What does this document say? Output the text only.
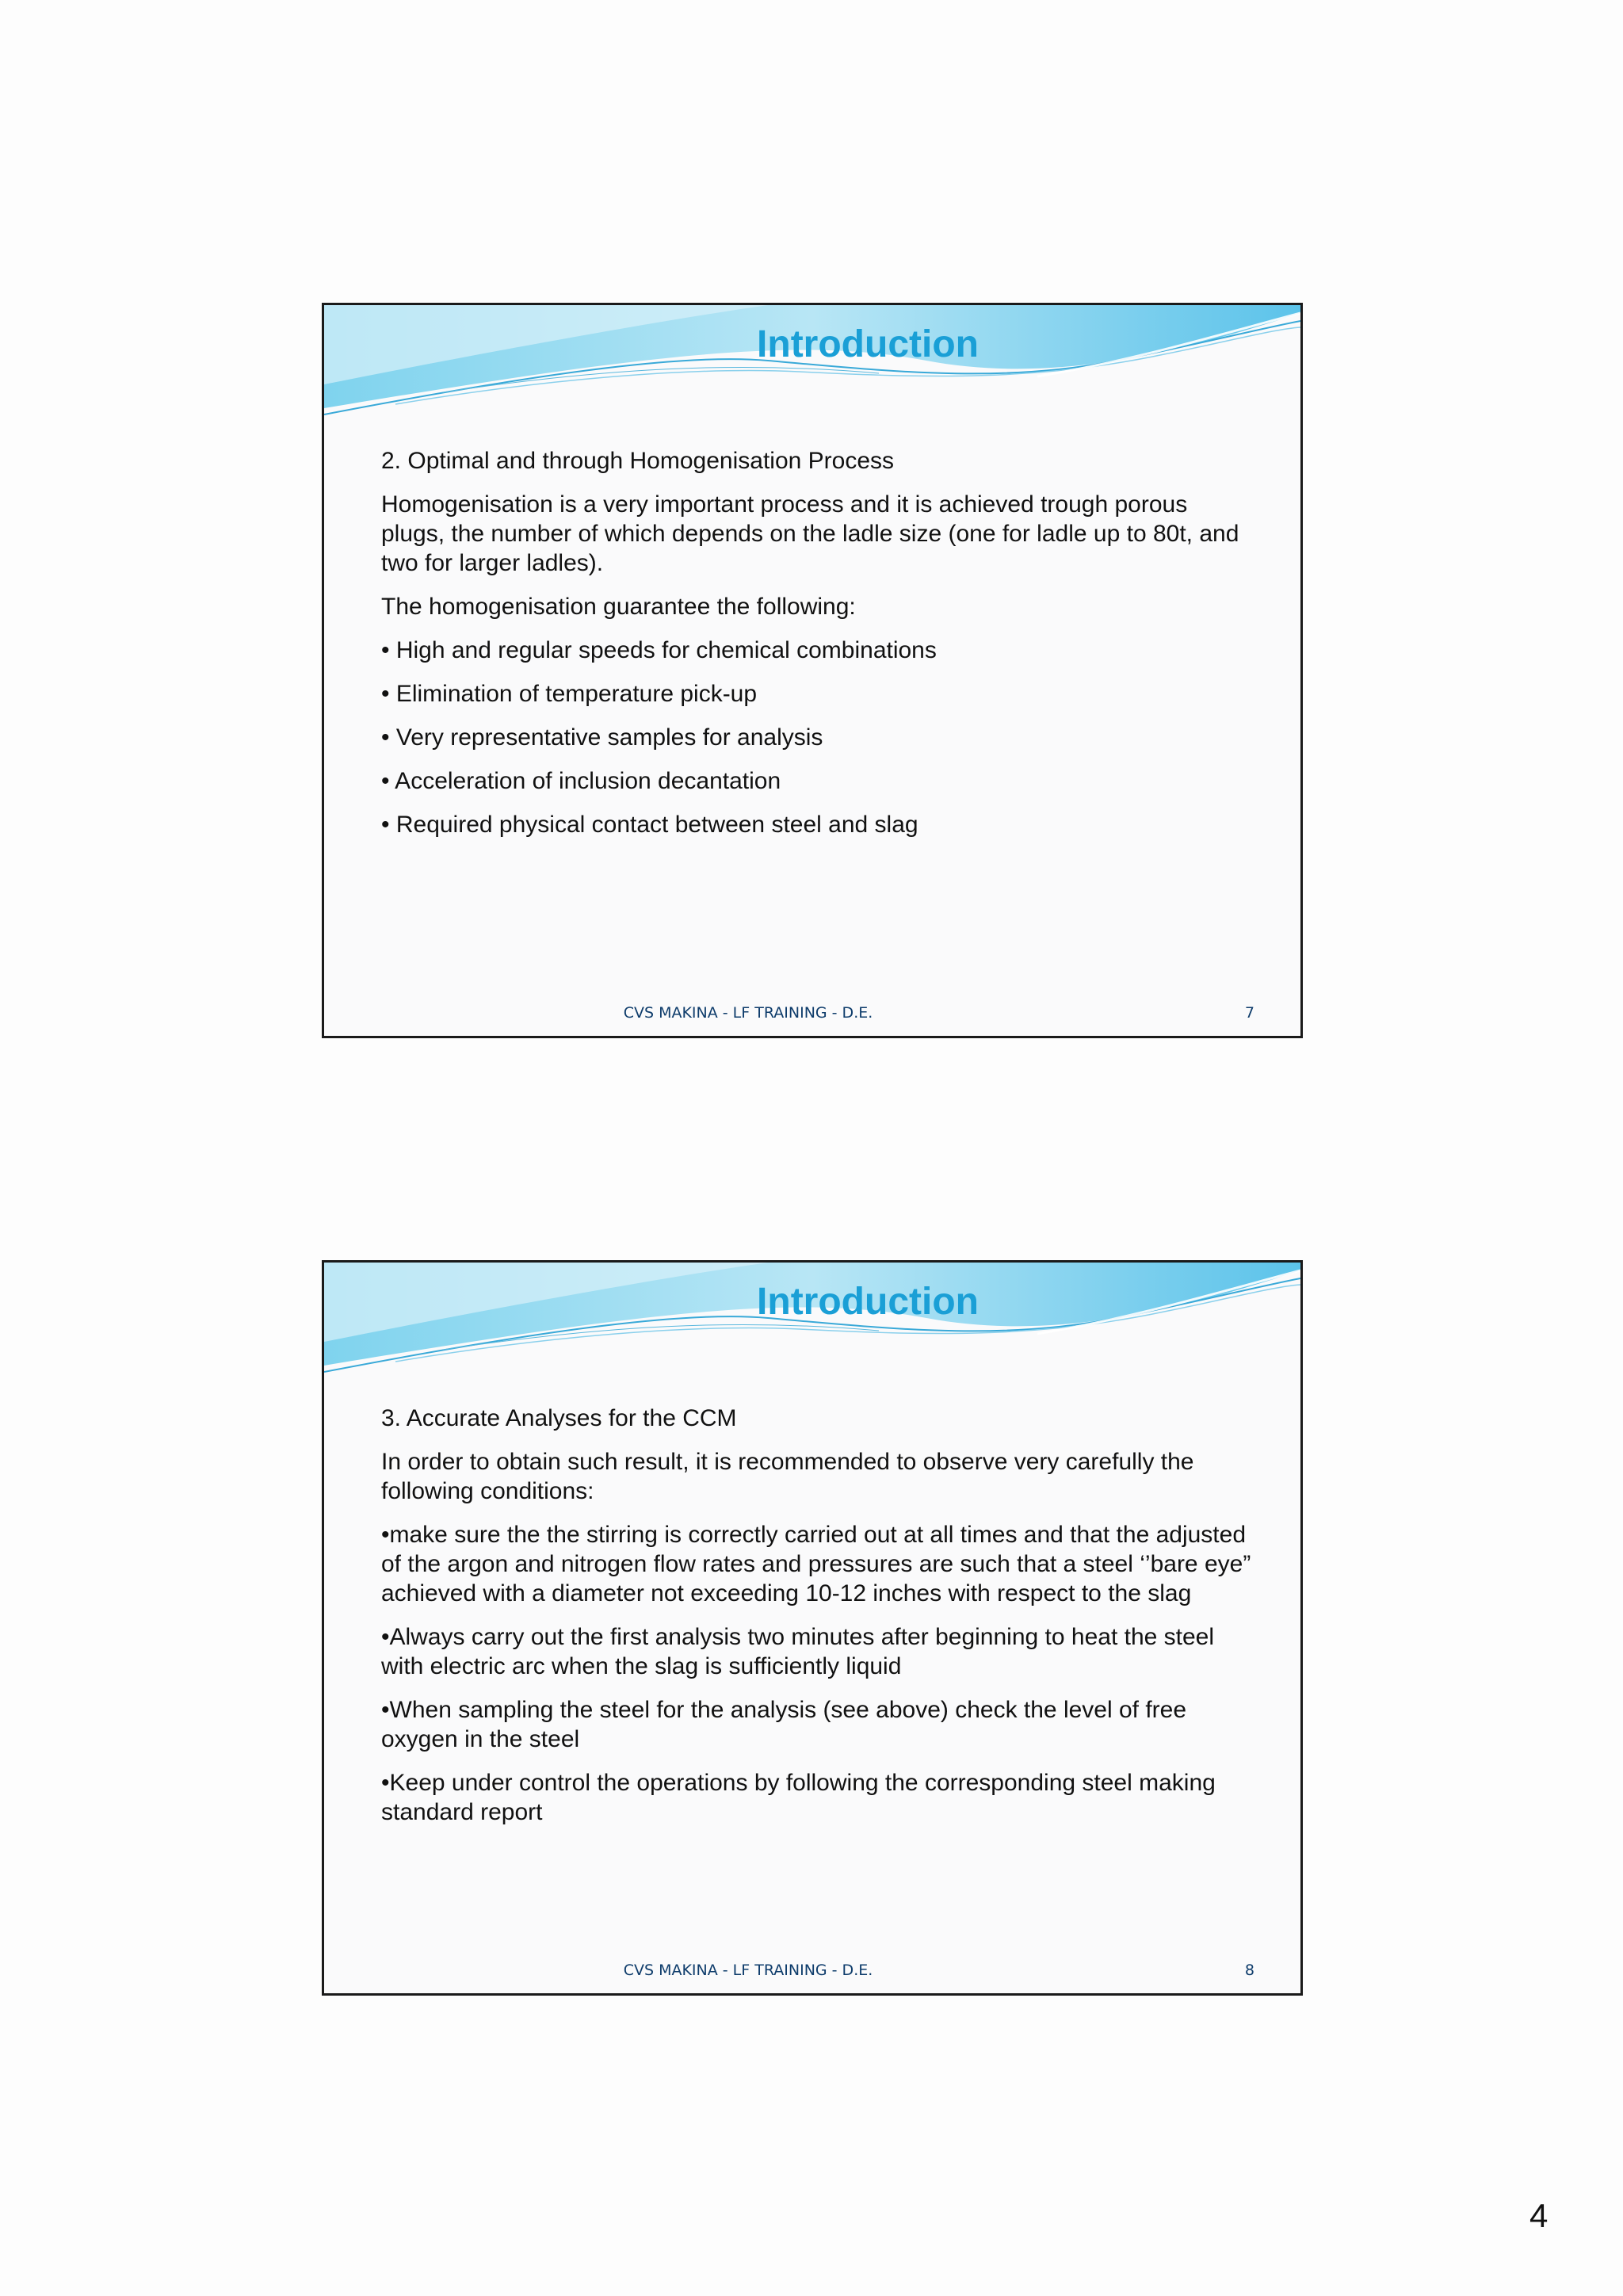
Introduction

2. Optimal and through Homogenisation Process

Homogenisation is a very important process and it is achieved trough porous plugs, the number of which depends on the ladle size (one for ladle up to 80t, and two for larger ladles).

The homogenisation guarantee the following:

• High and regular speeds for chemical combinations

• Elimination of temperature pick-up

• Very representative samples for analysis

• Acceleration of inclusion decantation

• Required physical contact between steel and slag

CVS MAKINA - LF TRAINING - D.E.	7
Introduction

3. Accurate Analyses for the CCM

In order to obtain such result, it is recommended to observe very carefully the following conditions:

•make sure the the stirring is correctly carried out at all times and that the adjusted of the argon and nitrogen flow rates and pressures are such that a steel ‘’bare eye” achieved with a diameter not exceeding 10-12 inches with respect to the slag

•Always carry out the first analysis two minutes after beginning to heat the steel with electric arc when the slag is sufficiently liquid

•When sampling the steel for the analysis (see above) check the level of free oxygen in the steel

•Keep under control the operations by following the corresponding steel making standard report

CVS MAKINA - LF TRAINING - D.E.	8
4
